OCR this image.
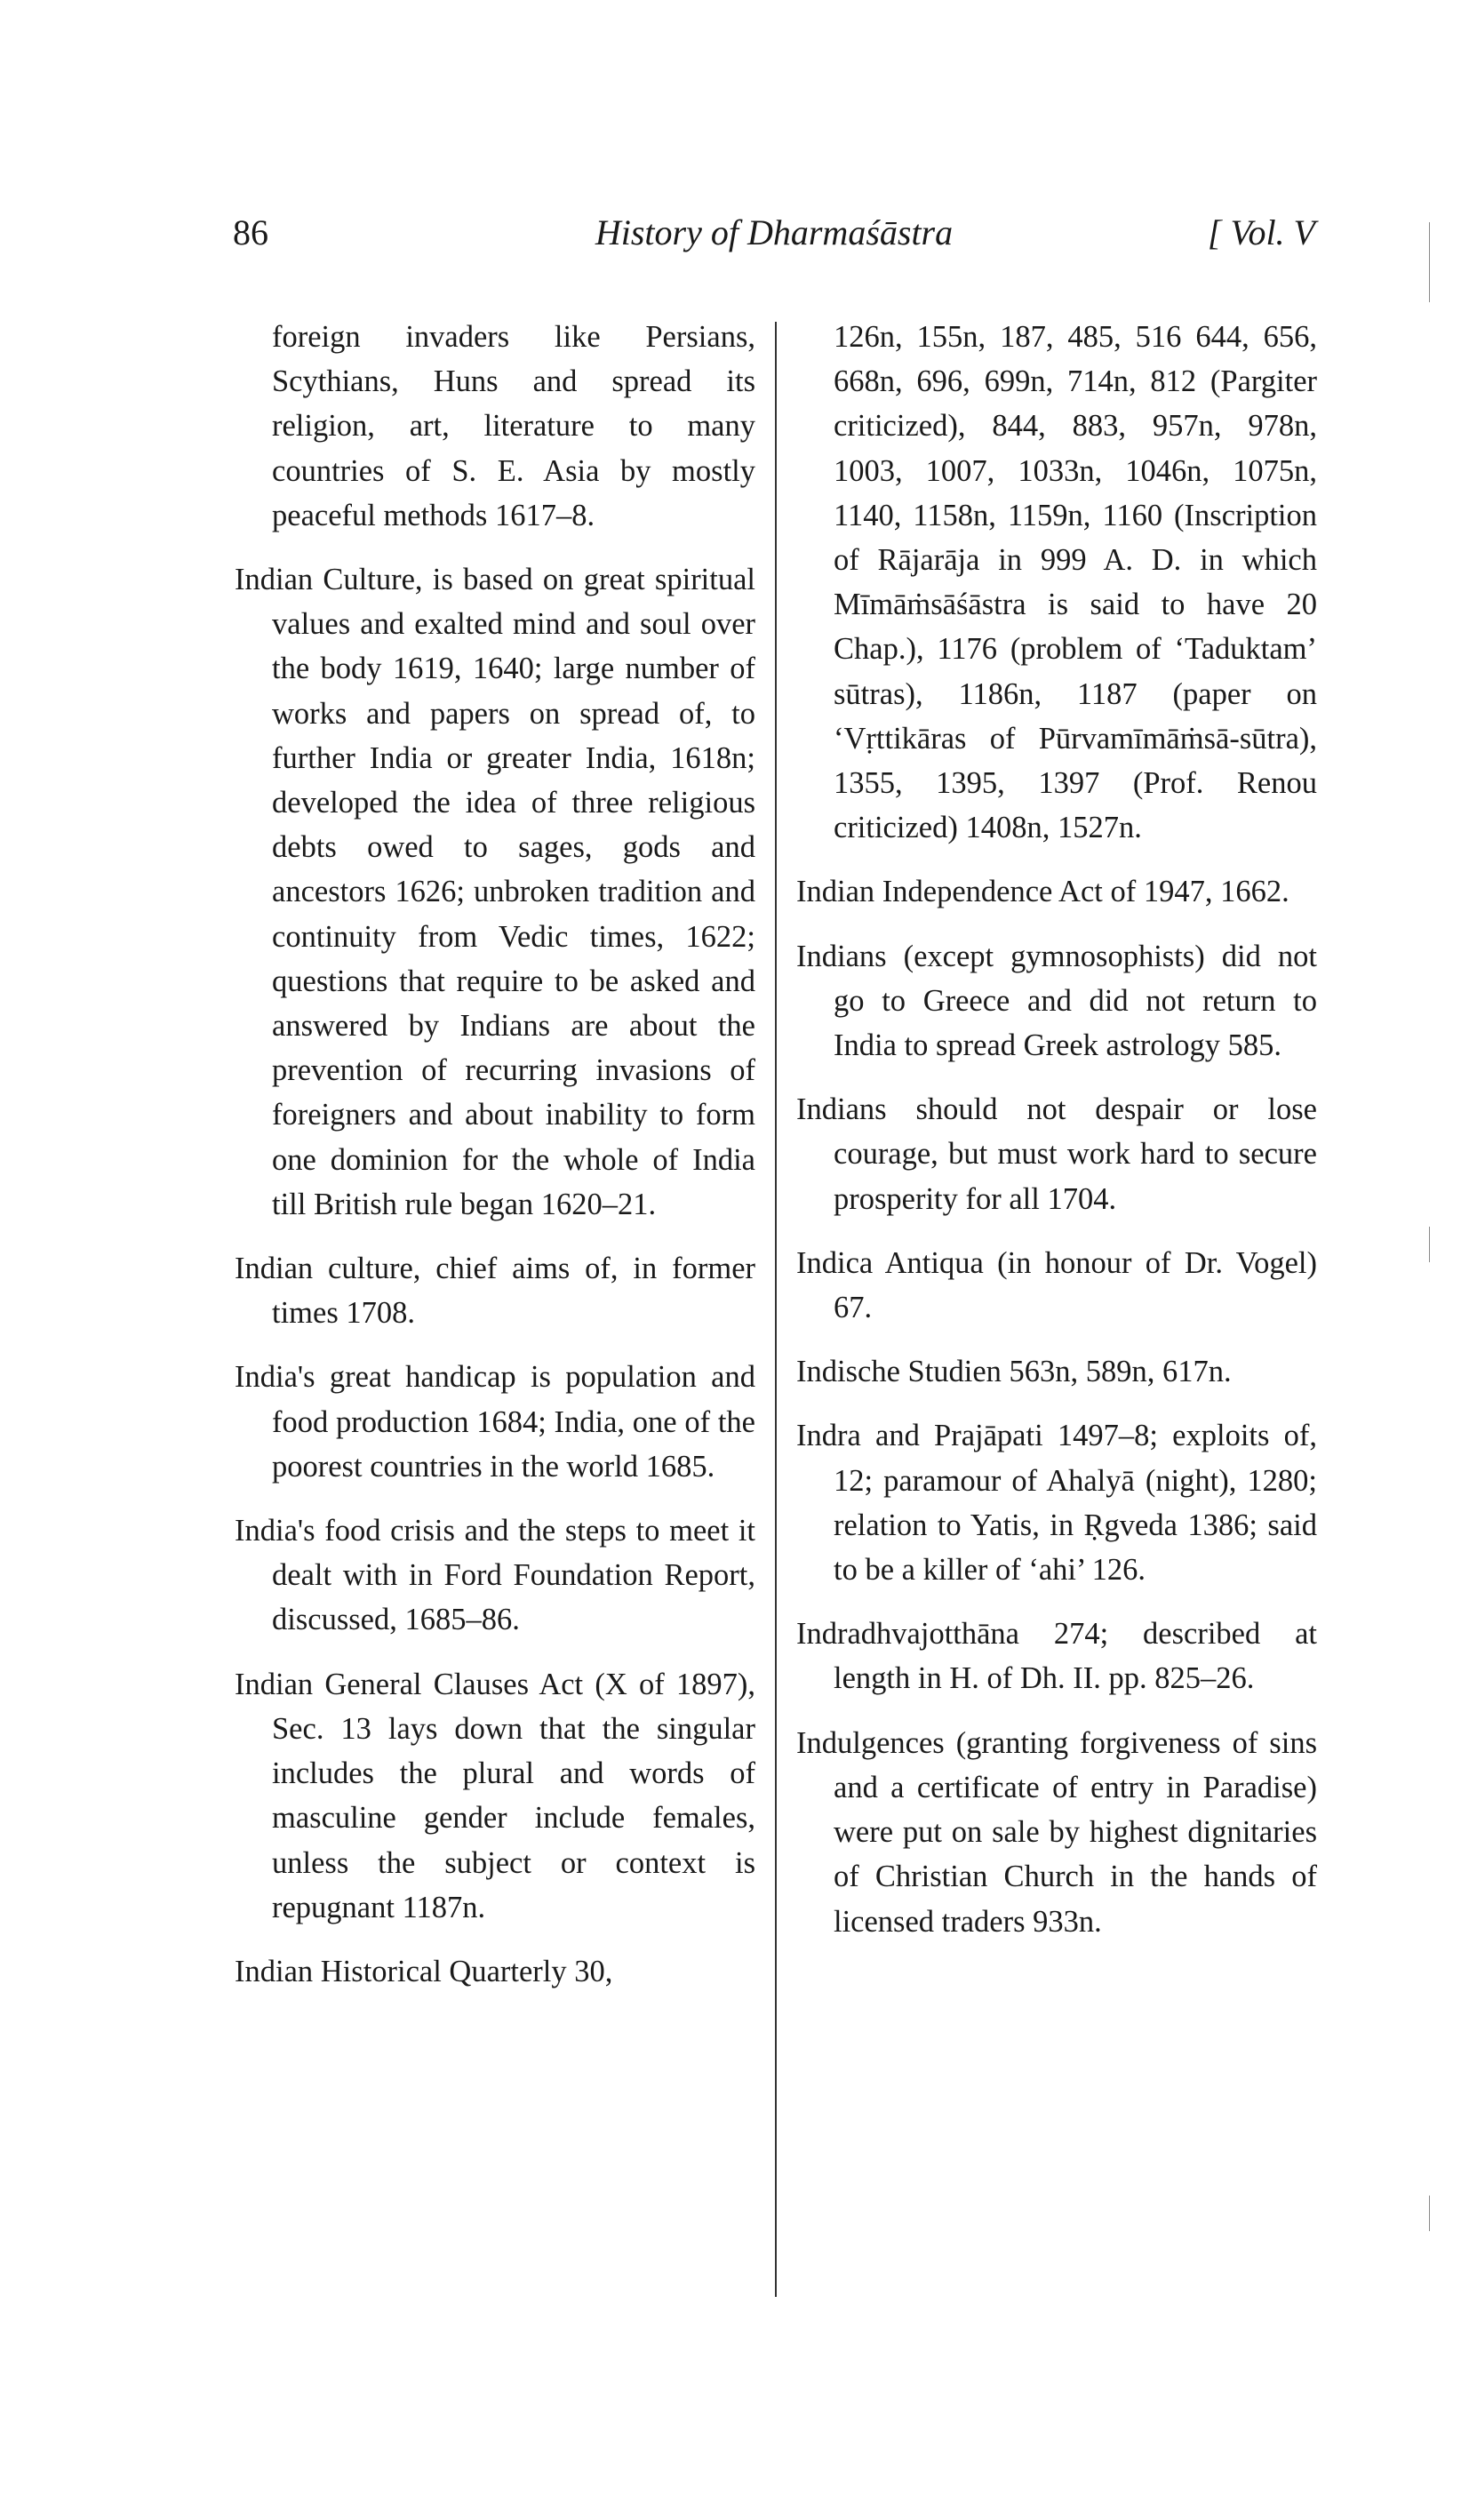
86	History of Dharmaśāstra	[ Vol. V

foreign invaders like Persians, Scythians, Huns and spread its religion, art, literature to many countries of S. E. Asia by mostly peaceful methods 1617–8.

Indian Culture, is based on great spiritual values and exalted mind and soul over the body 1619, 1640; large number of works and papers on spread of, to further India or greater India, 1618n; developed the idea of three religious debts owed to sages, gods and ancestors 1626; unbroken tradition and continuity from Vedic times, 1622; questions that require to be asked and answered by Indians are about the prevention of recurring invasions of foreigners and about inability to form one dominion for the whole of India till British rule began 1620–21.

Indian culture, chief aims of, in former times 1708.

India's great handicap is population and food production 1684; India, one of the poorest countries in the world 1685.

India's food crisis and the steps to meet it dealt with in Ford Foundation Report, discussed, 1685–86.

Indian General Clauses Act (X of 1897), Sec. 13 lays down that the singular includes the plural and words of masculine gender include females, unless the subject or context is repugnant 1187n.

Indian Historical Quarterly 30,

126n, 155n, 187, 485, 516 644, 656, 668n, 696, 699n, 714n, 812 (Pargiter criticized), 844, 883, 957n, 978n, 1003, 1007, 1033n, 1046n, 1075n, 1140, 1158n, 1159n, 1160 (Inscription of Rājarāja in 999 A. D. in which Mīmāṁsāśāstra is said to have 20 Chap.), 1176 (problem of ‘Taduktam’ sūtras), 1186n, 1187 (paper on ‘Vṛttikāras of Pūrvamīmāṁsā-sūtra), 1355, 1395, 1397 (Prof. Renou criticized) 1408n, 1527n.

Indian Independence Act of 1947, 1662.

Indians (except gymnosophists) did not go to Greece and did not return to India to spread Greek astrology 585.

Indians should not despair or lose courage, but must work hard to secure prosperity for all 1704.

Indica Antiqua (in honour of Dr. Vogel) 67.

Indische Studien 563n, 589n, 617n.

Indra and Prajāpati 1497–8; exploits of, 12; paramour of Ahalyā (night), 1280; relation to Yatis, in Ṛgveda 1386; said to be a killer of ‘ahi’ 126.

Indradhvajotthāna 274; described at length in H. of Dh. II. pp. 825–26.

Indulgences (granting forgiveness of sins and a certificate of entry in Paradise) were put on sale by highest dignitaries of Christian Church in the hands of licensed traders 933n.
